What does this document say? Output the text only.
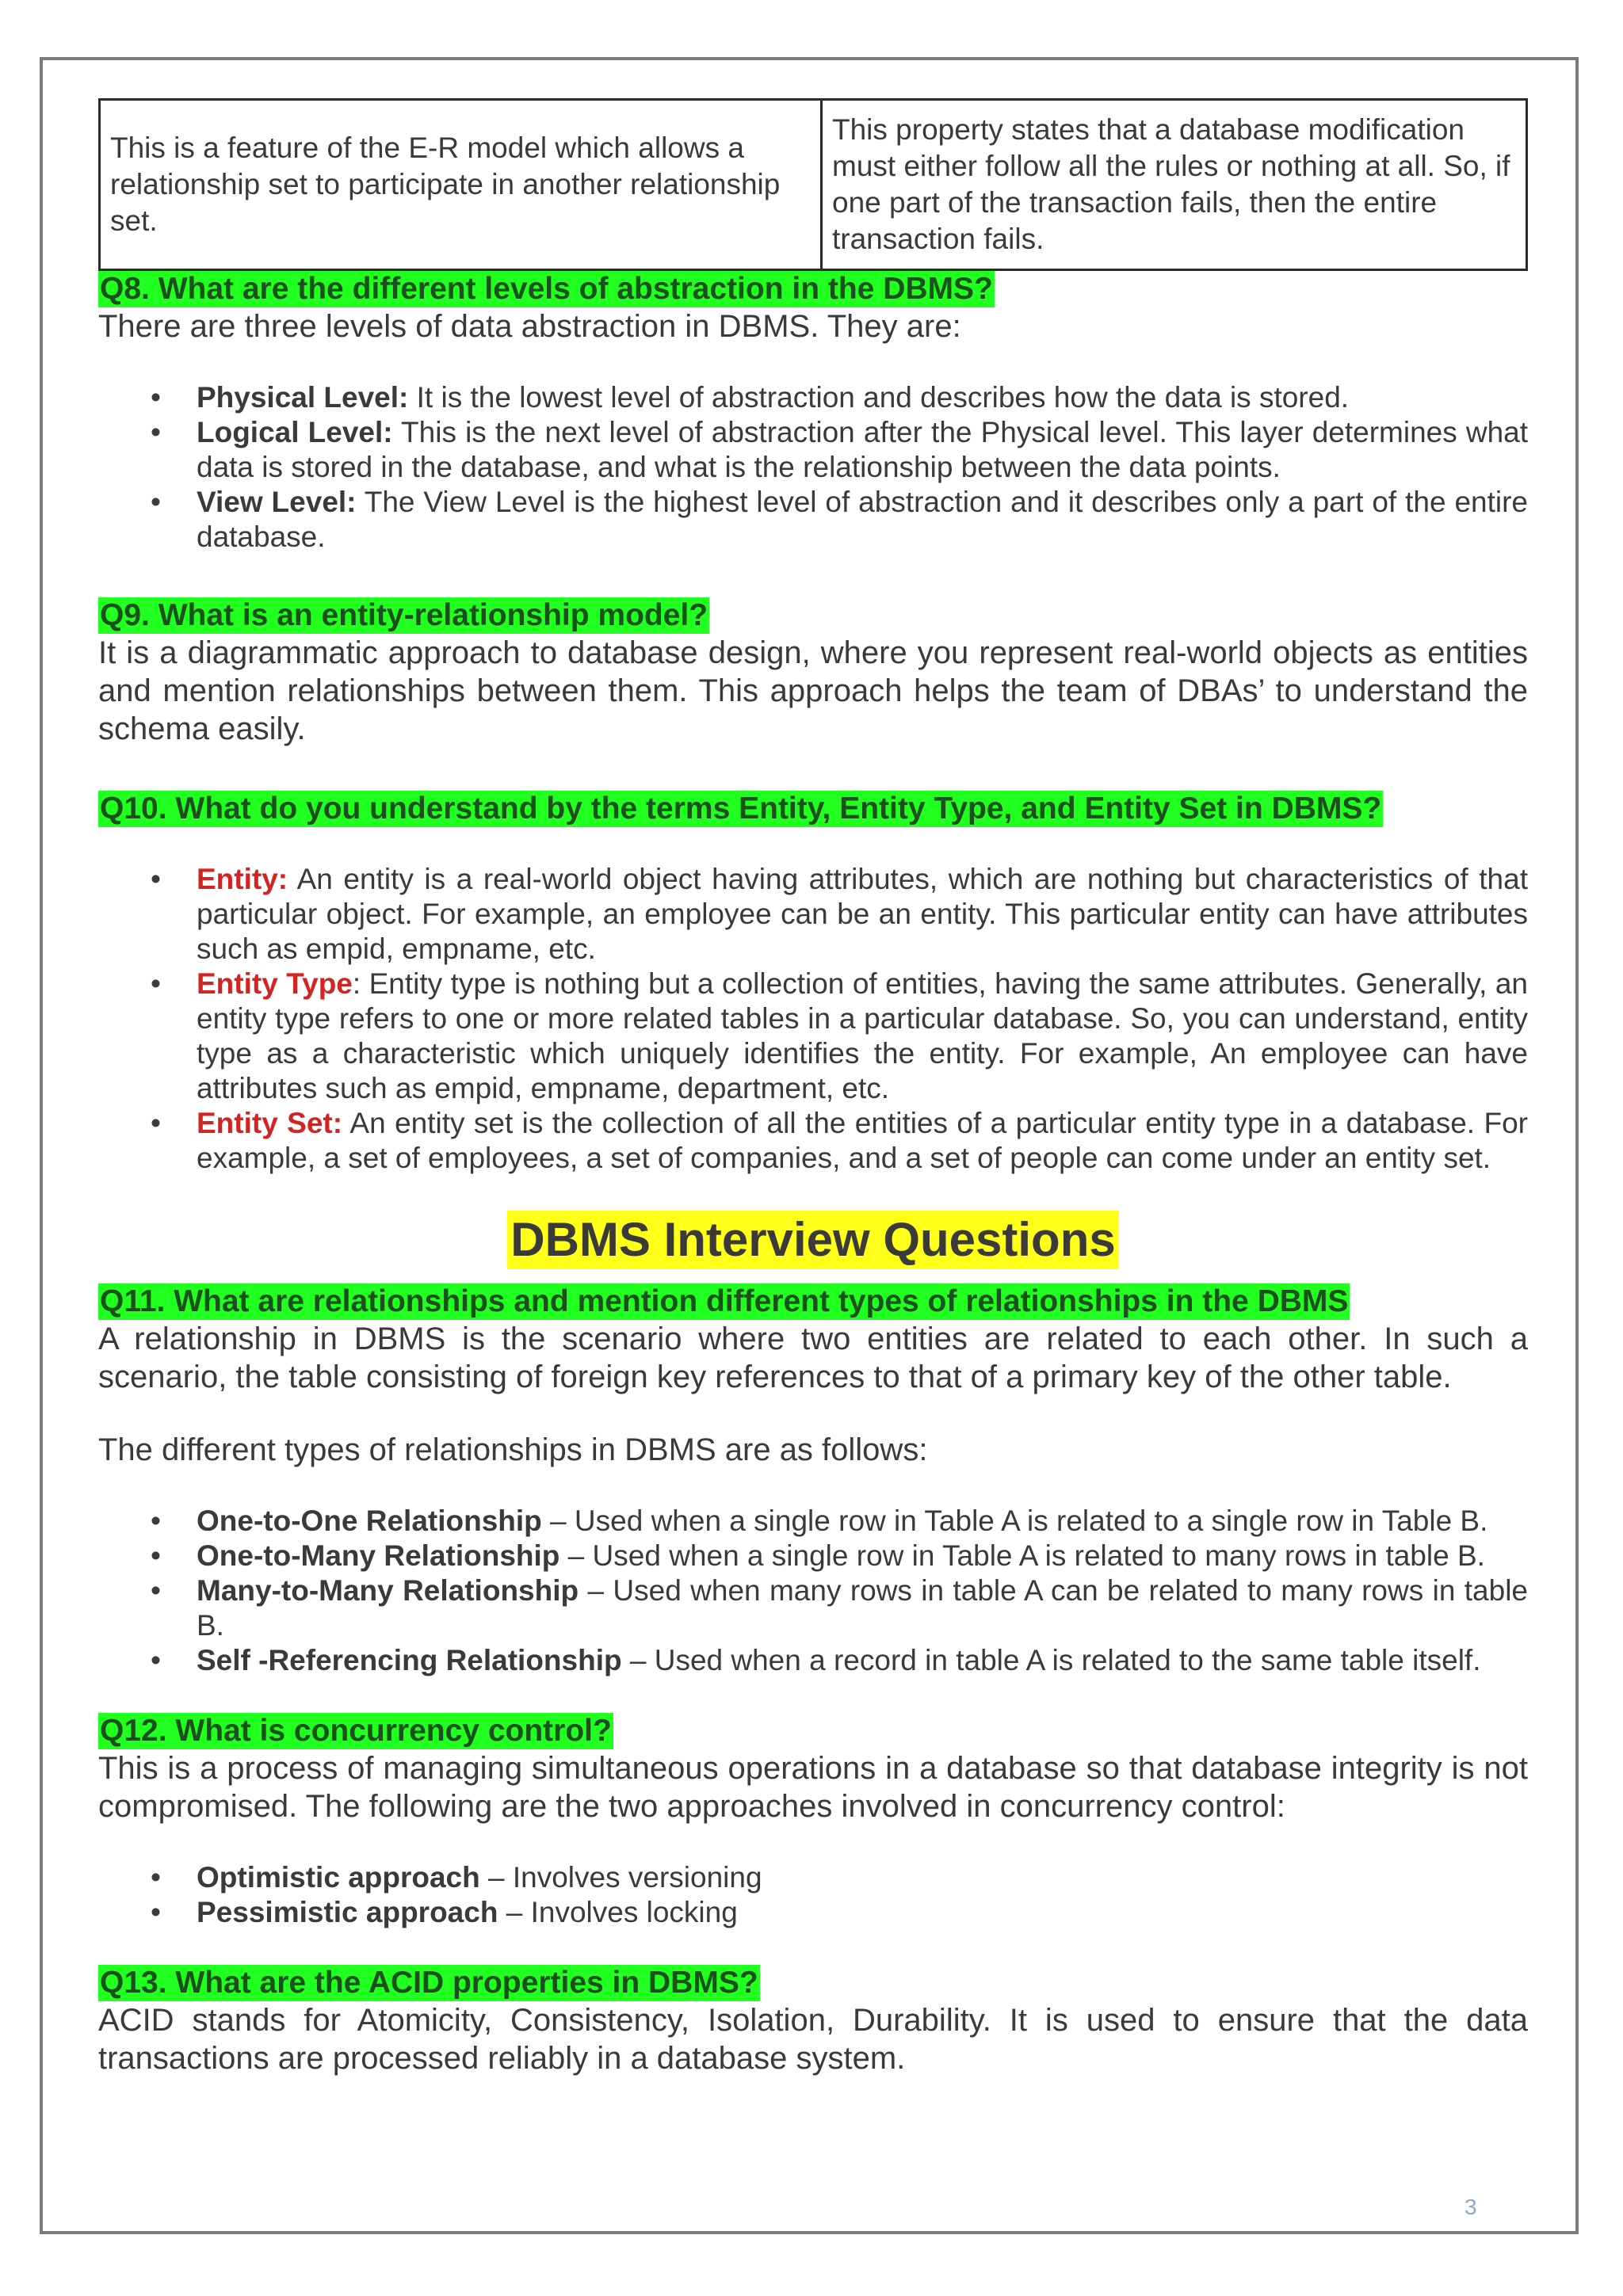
This is a feature of the E-R model which allows a relationship set to participate in another relationship set.	This property states that a database modification must either follow all the rules or nothing at all. So, if one part of the transaction fails, then the entire transaction fails.
Q8. What are the different levels of abstraction in the DBMS?

There are three levels of data abstraction in DBMS. They are:

• Physical Level: It is the lowest level of abstraction and describes how the data is stored.
• Logical Level: This is the next level of abstraction after the Physical level. This layer determines what data is stored in the database, and what is the relationship between the data points.
• View Level: The View Level is the highest level of abstraction and it describes only a part of the entire database.
Q9. What is an entity-relationship model?

It is a diagrammatic approach to database design, where you represent real-world objects as entities and mention relationships between them. This approach helps the team of DBAs’ to understand the schema easily.

Q10. What do you understand by the terms Entity, Entity Type, and Entity Set in DBMS?
• Entity: An entity is a real-world object having attributes, which are nothing but characteristics of that particular object. For example, an employee can be an entity. This particular entity can have attributes such as empid, empname, etc.
• Entity Type: Entity type is nothing but a collection of entities, having the same attributes. Generally, an entity type refers to one or more related tables in a particular database. So, you can understand, entity type as a characteristic which uniquely identifies the entity. For example, An employee can have attributes such as empid, empname, department, etc.
• Entity Set: An entity set is the collection of all the entities of a particular entity type in a database. For example, a set of employees, a set of companies, and a set of people can come under an entity set.
DBMS Interview Questions
Q11. What are relationships and mention different types of relationships in the DBMS

A relationship in DBMS is the scenario where two entities are related to each other. In such a scenario, the table consisting of foreign key references to that of a primary key of the other table.

The different types of relationships in DBMS are as follows:

• One-to-One Relationship – Used when a single row in Table A is related to a single row in Table B.
• One-to-Many Relationship – Used when a single row in Table A is related to many rows in table B.
• Many-to-Many Relationship – Used when many rows in table A can be related to many rows in table B.
• Self -Referencing Relationship – Used when a record in table A is related to the same table itself.
Q12. What is concurrency control?

This is a process of managing simultaneous operations in a database so that database integrity is not compromised. The following are the two approaches involved in concurrency control:

• Optimistic approach – Involves versioning
• Pessimistic approach – Involves locking
Q13. What are the ACID properties in DBMS?

ACID stands for Atomicity, Consistency, Isolation, Durability. It is used to ensure that the data transactions are processed reliably in a database system.

3
